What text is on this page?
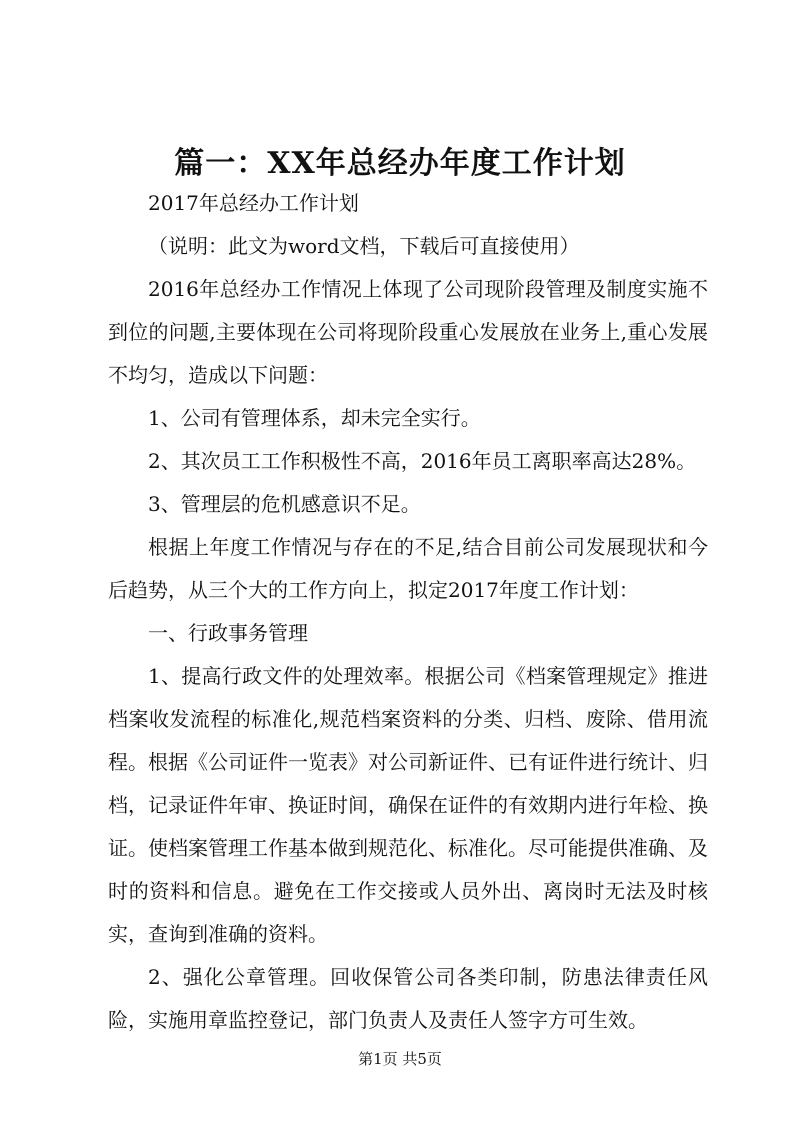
篇一：XX年总经办年度工作计划

2017年总经办工作计划

（说明：此文为word文档，下载后可直接使用）

2016年总经办工作情况上体现了公司现阶段管理及制度实施不到位的问题,主要体现在公司将现阶段重心发展放在业务上,重心发展不均匀，造成以下问题：

1、公司有管理体系，却未完全实行。

2、其次员工工作积极性不高，2016年员工离职率高达28%。

3、管理层的危机感意识不足。

根据上年度工作情况与存在的不足,结合目前公司发展现状和今后趋势，从三个大的工作方向上，拟定2017年度工作计划：

一、行政事务管理

1、提高行政文件的处理效率。根据公司《档案管理规定》推进档案收发流程的标准化,规范档案资料的分类、归档、废除、借用流程。根据《公司证件一览表》对公司新证件、已有证件进行统计、归档，记录证件年审、换证时间，确保在证件的有效期内进行年检、换证。使档案管理工作基本做到规范化、标准化。尽可能提供准确、及时的资料和信息。避免在工作交接或人员外出、离岗时无法及时核实，查询到准确的资料。

2、强化公章管理。回收保管公司各类印制，防患法律责任风险，实施用章监控登记，部门负责人及责任人签字方可生效。

第1页 共5页
